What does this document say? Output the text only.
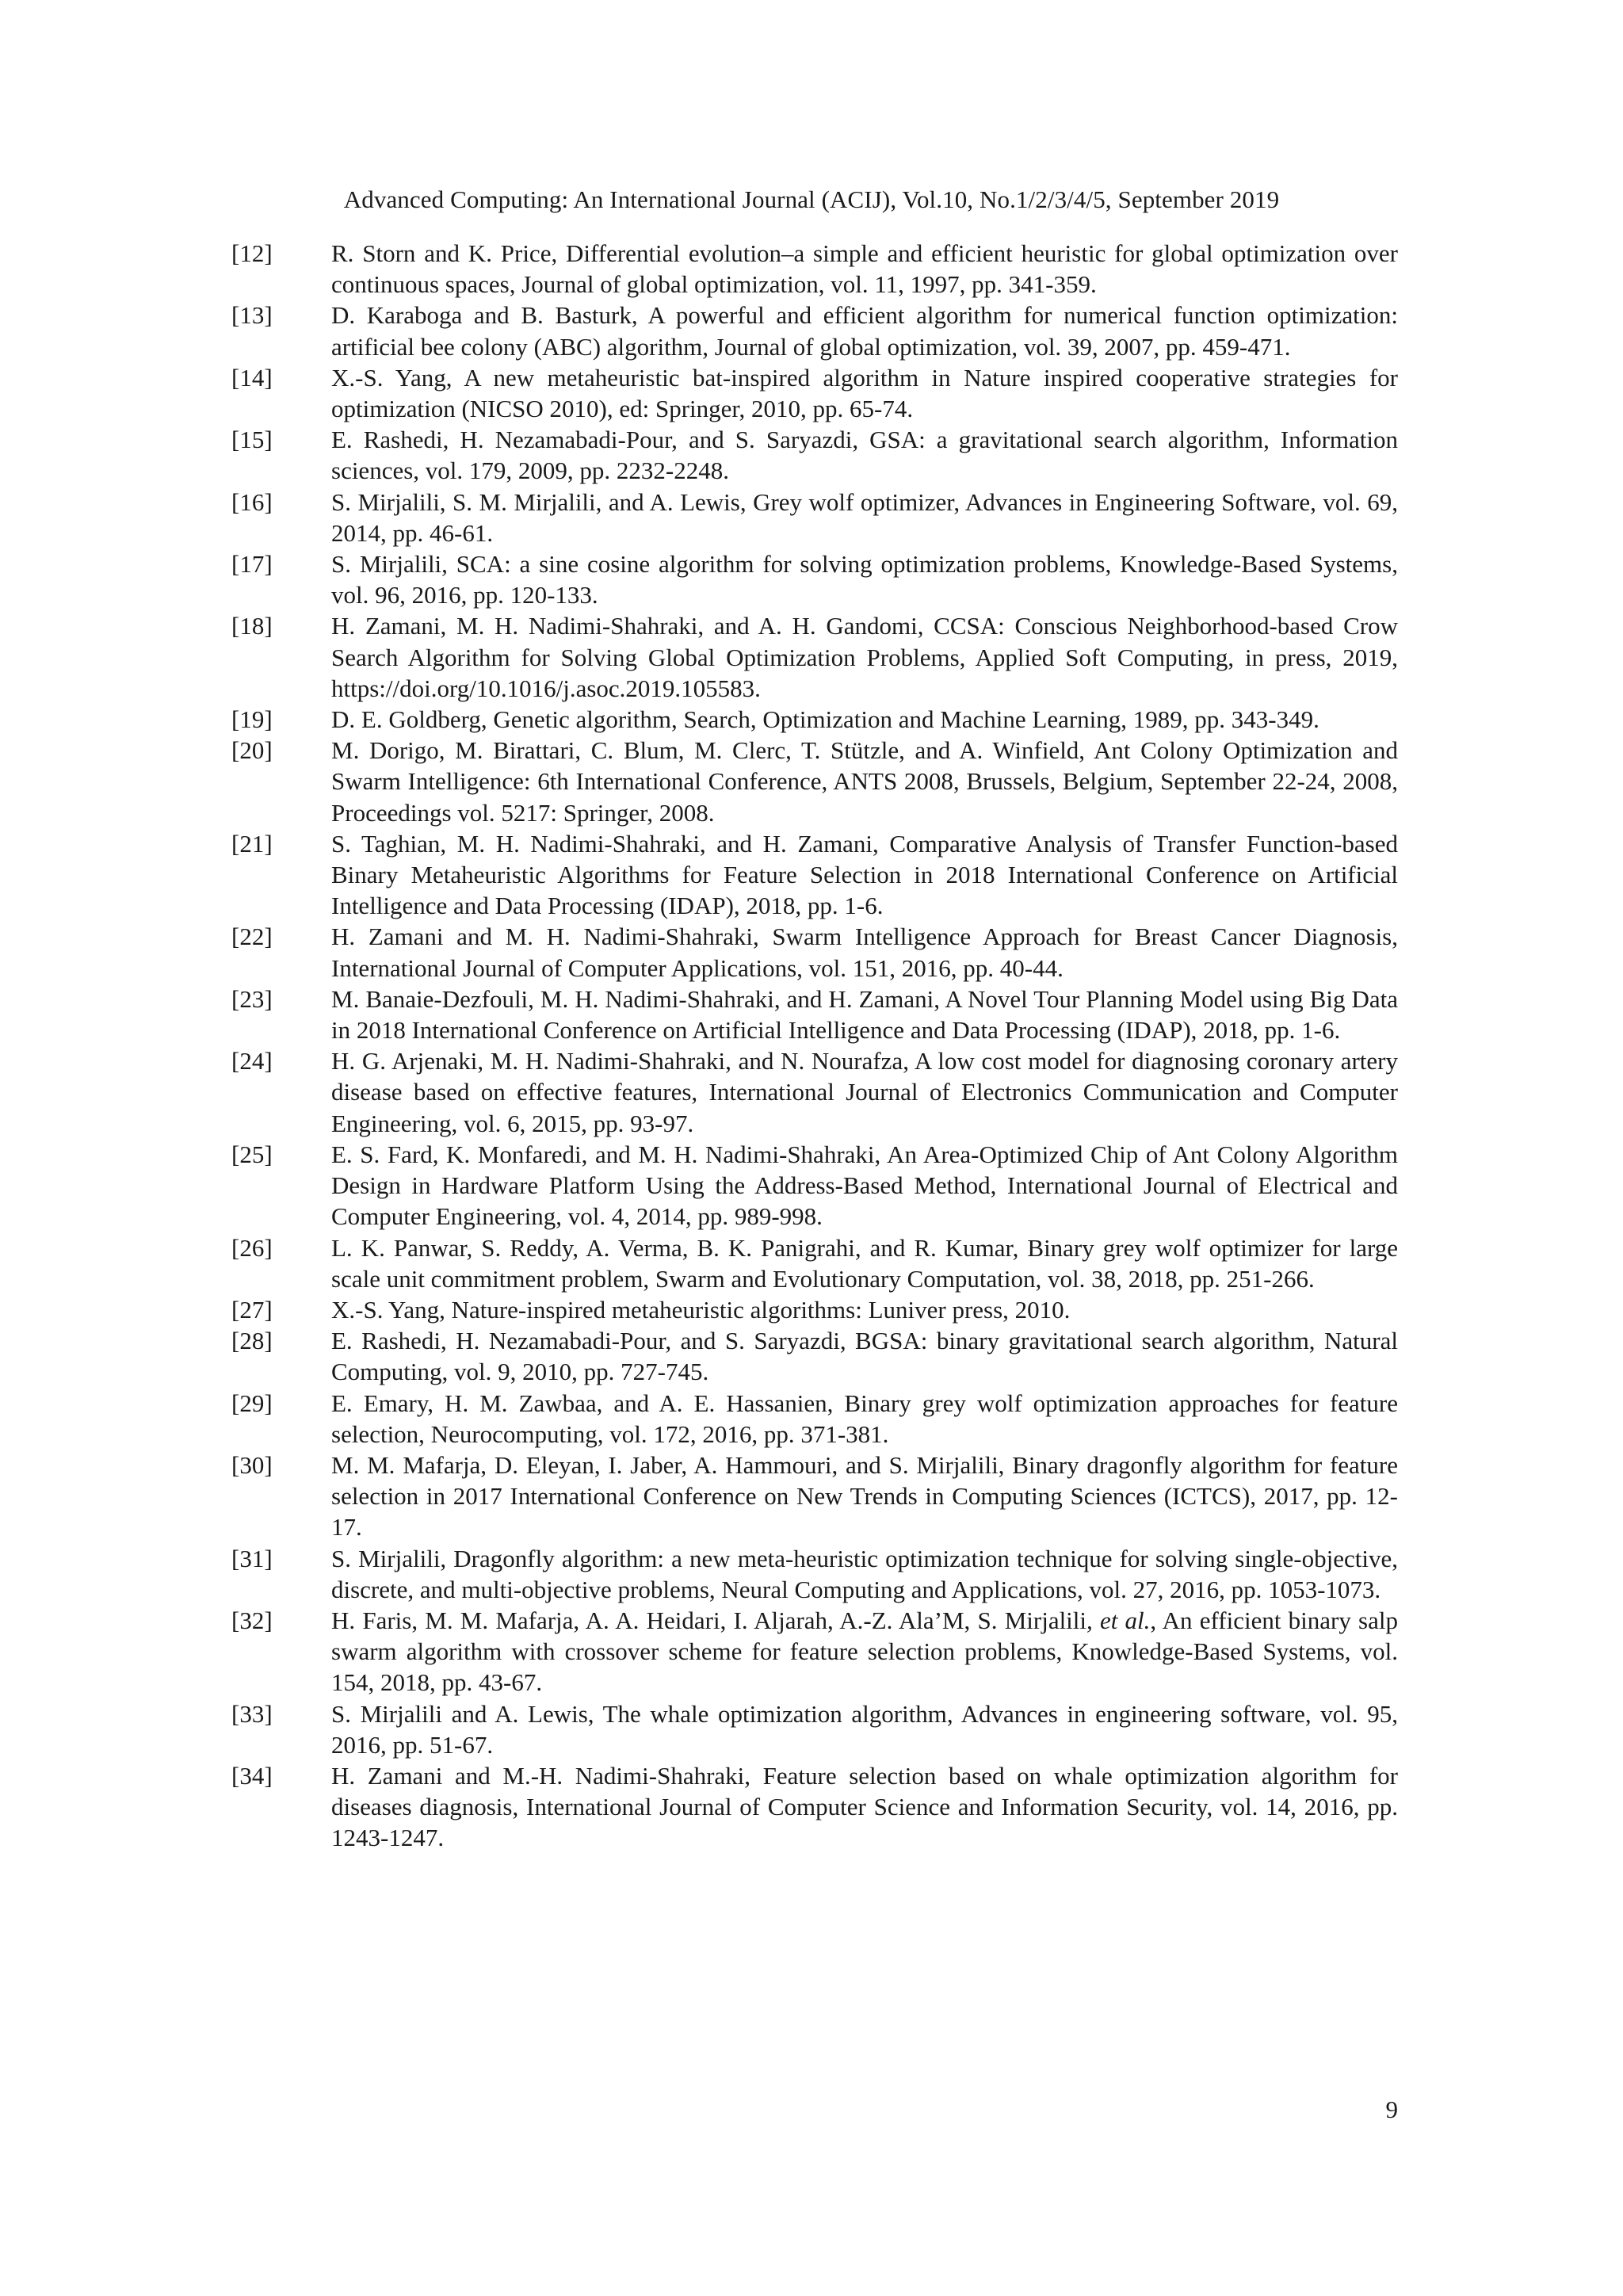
Advanced Computing: An International Journal (ACIJ), Vol.10, No.1/2/3/4/5, September 2019
[12]	R. Storn and K. Price, Differential evolution–a simple and efficient heuristic for global optimization over continuous spaces, Journal of global optimization, vol. 11, 1997, pp. 341-359.
[13]	D. Karaboga and B. Basturk, A powerful and efficient algorithm for numerical function optimization: artificial bee colony (ABC) algorithm, Journal of global optimization, vol. 39, 2007, pp. 459-471.
[14]	X.-S. Yang, A new metaheuristic bat-inspired algorithm in Nature inspired cooperative strategies for optimization (NICSO 2010), ed: Springer, 2010, pp. 65-74.
[15]	E. Rashedi, H. Nezamabadi-Pour, and S. Saryazdi, GSA: a gravitational search algorithm, Information sciences, vol. 179, 2009, pp. 2232-2248.
[16]	S. Mirjalili, S. M. Mirjalili, and A. Lewis, Grey wolf optimizer, Advances in Engineering Software, vol. 69, 2014, pp. 46-61.
[17]	S. Mirjalili, SCA: a sine cosine algorithm for solving optimization problems, Knowledge-Based Systems, vol. 96, 2016, pp. 120-133.
[18]	H. Zamani, M. H. Nadimi-Shahraki, and A. H. Gandomi, CCSA: Conscious Neighborhood-based Crow Search Algorithm for Solving Global Optimization Problems, Applied Soft Computing, in press, 2019, https://doi.org/10.1016/j.asoc.2019.105583.
[19]	D. E. Goldberg, Genetic algorithm, Search, Optimization and Machine Learning, 1989, pp. 343-349.
[20]	M. Dorigo, M. Birattari, C. Blum, M. Clerc, T. Stützle, and A. Winfield, Ant Colony Optimization and Swarm Intelligence: 6th International Conference, ANTS 2008, Brussels, Belgium, September 22-24, 2008, Proceedings vol. 5217: Springer, 2008.
[21]	S. Taghian, M. H. Nadimi-Shahraki, and H. Zamani, Comparative Analysis of Transfer Function-based Binary Metaheuristic Algorithms for Feature Selection in 2018 International Conference on Artificial Intelligence and Data Processing (IDAP), 2018, pp. 1-6.
[22]	H. Zamani and M. H. Nadimi-Shahraki, Swarm Intelligence Approach for Breast Cancer Diagnosis, International Journal of Computer Applications, vol. 151, 2016, pp. 40-44.
[23]	M. Banaie-Dezfouli, M. H. Nadimi-Shahraki, and H. Zamani, A Novel Tour Planning Model using Big Data in 2018 International Conference on Artificial Intelligence and Data Processing (IDAP), 2018, pp. 1-6.
[24]	H. G. Arjenaki, M. H. Nadimi-Shahraki, and N. Nourafza, A low cost model for diagnosing coronary artery disease based on effective features, International Journal of Electronics Communication and Computer Engineering, vol. 6, 2015, pp. 93-97.
[25]	E. S. Fard, K. Monfaredi, and M. H. Nadimi-Shahraki, An Area-Optimized Chip of Ant Colony Algorithm Design in Hardware Platform Using the Address-Based Method, International Journal of Electrical and Computer Engineering, vol. 4, 2014, pp. 989-998.
[26]	L. K. Panwar, S. Reddy, A. Verma, B. K. Panigrahi, and R. Kumar, Binary grey wolf optimizer for large scale unit commitment problem, Swarm and Evolutionary Computation, vol. 38, 2018, pp. 251-266.
[27]	X.-S. Yang, Nature-inspired metaheuristic algorithms: Luniver press, 2010.
[28]	E. Rashedi, H. Nezamabadi-Pour, and S. Saryazdi, BGSA: binary gravitational search algorithm, Natural Computing, vol. 9, 2010, pp. 727-745.
[29]	E. Emary, H. M. Zawbaa, and A. E. Hassanien, Binary grey wolf optimization approaches for feature selection, Neurocomputing, vol. 172, 2016, pp. 371-381.
[30]	M. M. Mafarja, D. Eleyan, I. Jaber, A. Hammouri, and S. Mirjalili, Binary dragonfly algorithm for feature selection in 2017 International Conference on New Trends in Computing Sciences (ICTCS), 2017, pp. 12-17.
[31]	S. Mirjalili, Dragonfly algorithm: a new meta-heuristic optimization technique for solving single-objective, discrete, and multi-objective problems, Neural Computing and Applications, vol. 27, 2016, pp. 1053-1073.
[32]	H. Faris, M. M. Mafarja, A. A. Heidari, I. Aljarah, A.-Z. Ala’M, S. Mirjalili, et al., An efficient binary salp swarm algorithm with crossover scheme for feature selection problems, Knowledge-Based Systems, vol. 154, 2018, pp. 43-67.
[33]	S. Mirjalili and A. Lewis, The whale optimization algorithm, Advances in engineering software, vol. 95, 2016, pp. 51-67.
[34]	H. Zamani and M.-H. Nadimi-Shahraki, Feature selection based on whale optimization algorithm for diseases diagnosis, International Journal of Computer Science and Information Security, vol. 14, 2016, pp. 1243-1247.
9
